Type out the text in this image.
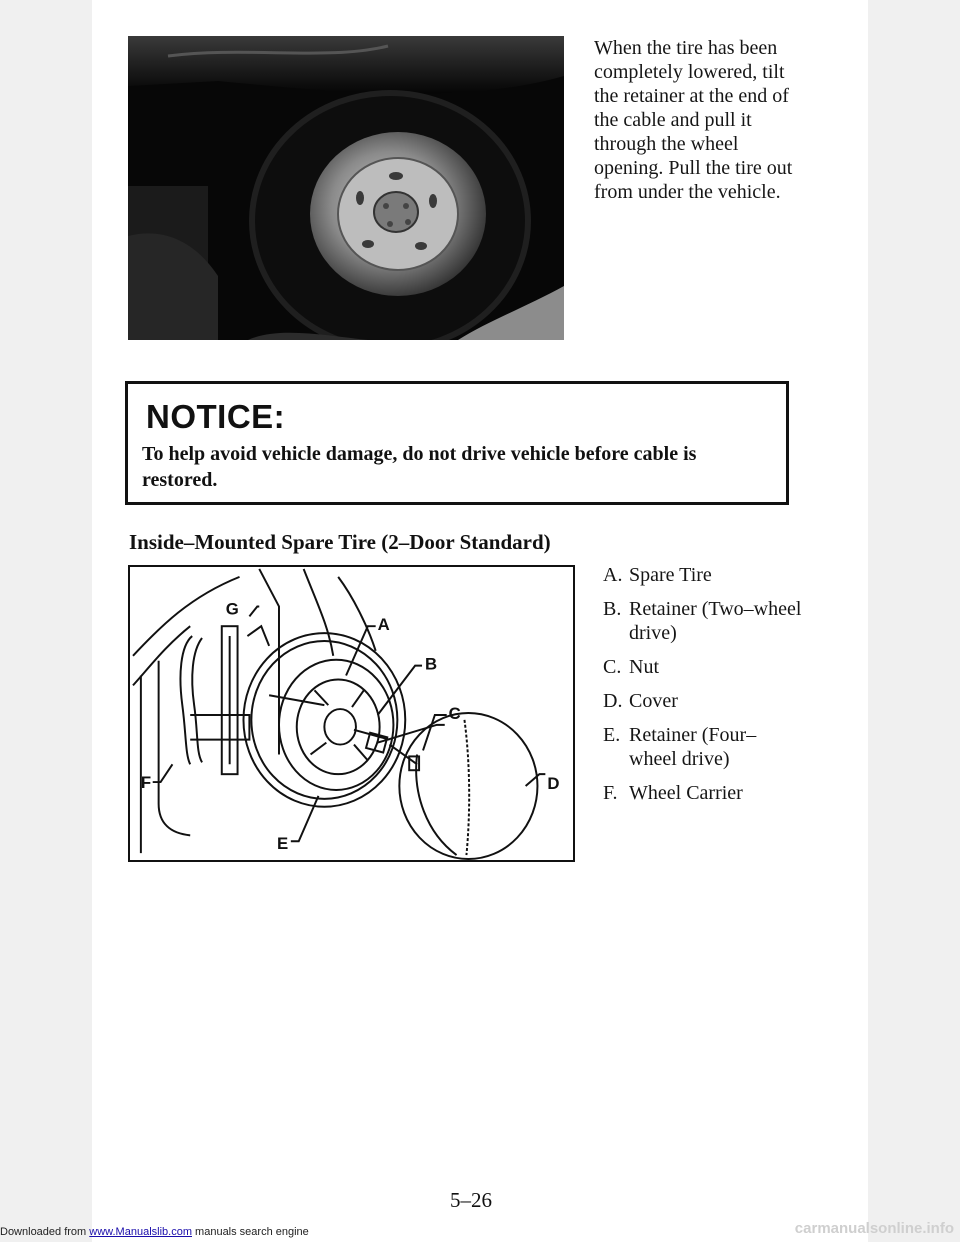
When the tire has been completely lowered, tilt the retainer at the end of the cable and pull it through the wheel opening. Pull the tire out from under the vehicle.
NOTICE:
To help avoid vehicle damage, do not drive vehicle before cable is restored.
Inside–Mounted Spare Tire (2–Door Standard)
G
A
B
C
D
E
F
A. Spare Tire
B. Retainer (Two–wheel drive)
C. Nut
D. Cover
E. Retainer (Four–wheel drive)
F. Wheel Carrier
5–26
Downloaded from www.Manualslib.com manuals search engine	carmanualsonline.info
